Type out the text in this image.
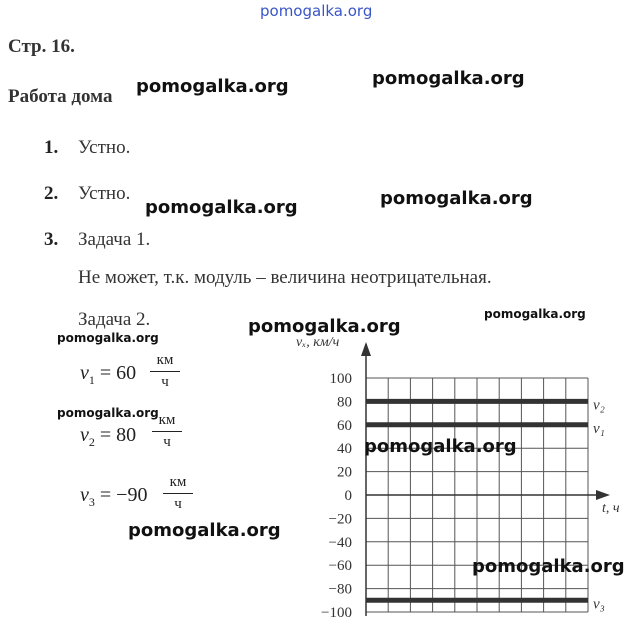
pomogalka.org
Стр. 16.
Работа дома
1. Устно.
2. Устно.
3. Задача 1.
Не может, т.к. модуль – величина неотрицательная.
Задача 2.
$v_1 = 60$
км
ч
$v_2 = 80$
км
ч
$v_3 = -90$
км
ч
100
80
60
40
20
0
−20
−40
−60
−80
−100
v₂
v₁
v₃
vₓ, км/ч
t, ч
pomogalka.org	pomogalka.org
pomogalka.org	pomogalka.org
pomogalka.org
pomogalka.org
pomogalka.org
pomogalka.org
pomogalka.org
pomogalka.org
pomogalka.org
